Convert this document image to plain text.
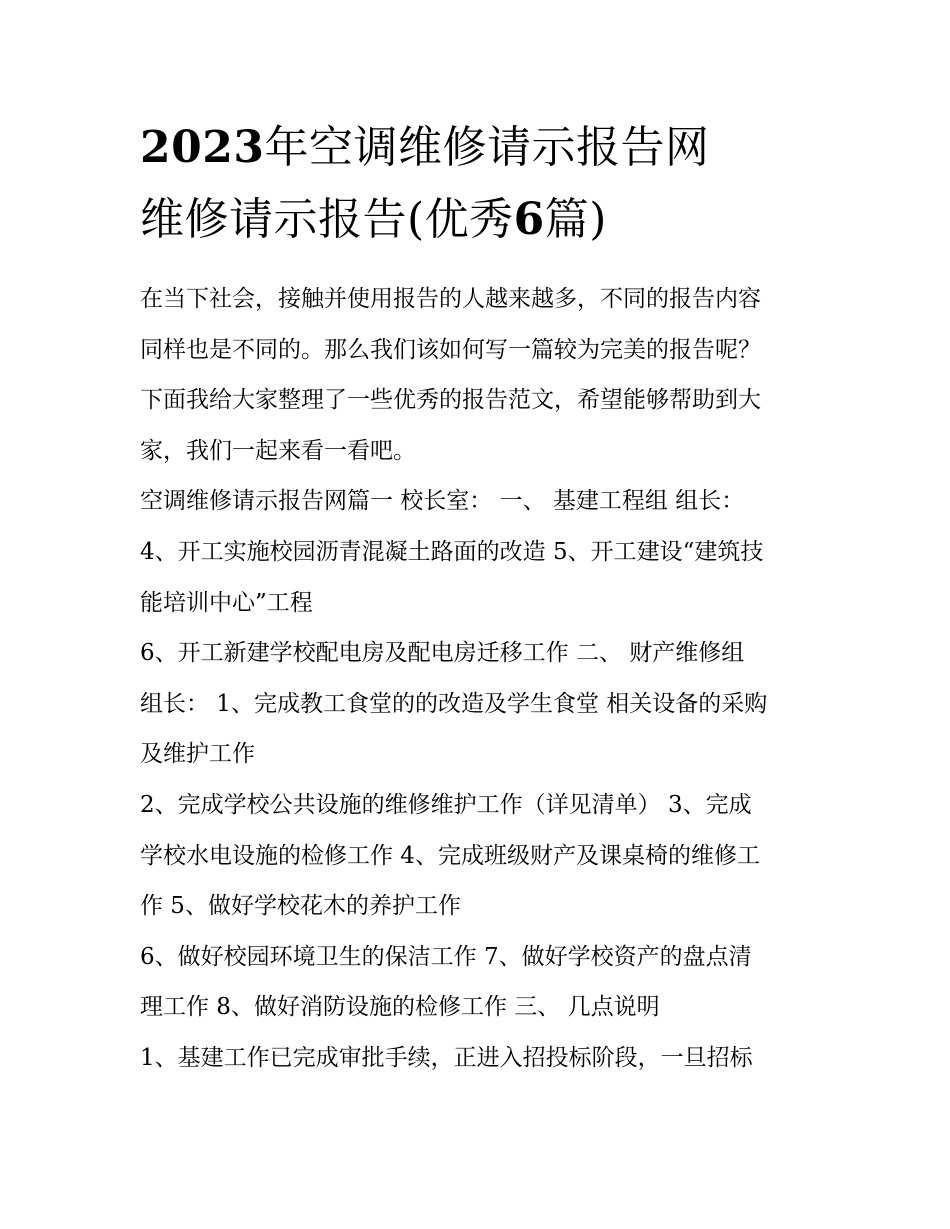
2023年空调维修请示报告网
维修请示报告(优秀6篇)

在当下社会，接触并使用报告的人越来越多，不同的报告内容
同样也是不同的。那么我们该如何写一篇较为完美的报告呢？
下面我给大家整理了一些优秀的报告范文，希望能够帮助到大
家，我们一起来看一看吧。

空调维修请示报告网篇一 校长室： 一、 基建工程组 组长：
4、开工实施校园沥青混凝土路面的改造 5、开工建设“建筑技
能培训中心”工程

6、开工新建学校配电房及配电房迁移工作 二、 财产维修组
组长： 1、完成教工食堂的的改造及学生食堂 相关设备的采购
及维护工作

2、完成学校公共设施的维修维护工作（详见清单） 3、完成
学校水电设施的检修工作 4、完成班级财产及课桌椅的维修工
作 5、做好学校花木的养护工作

6、做好校园环境卫生的保洁工作 7、做好学校资产的盘点清
理工作 8、做好消防设施的检修工作 三、 几点说明

1、基建工作已完成审批手续，正进入招投标阶段，一旦招标
